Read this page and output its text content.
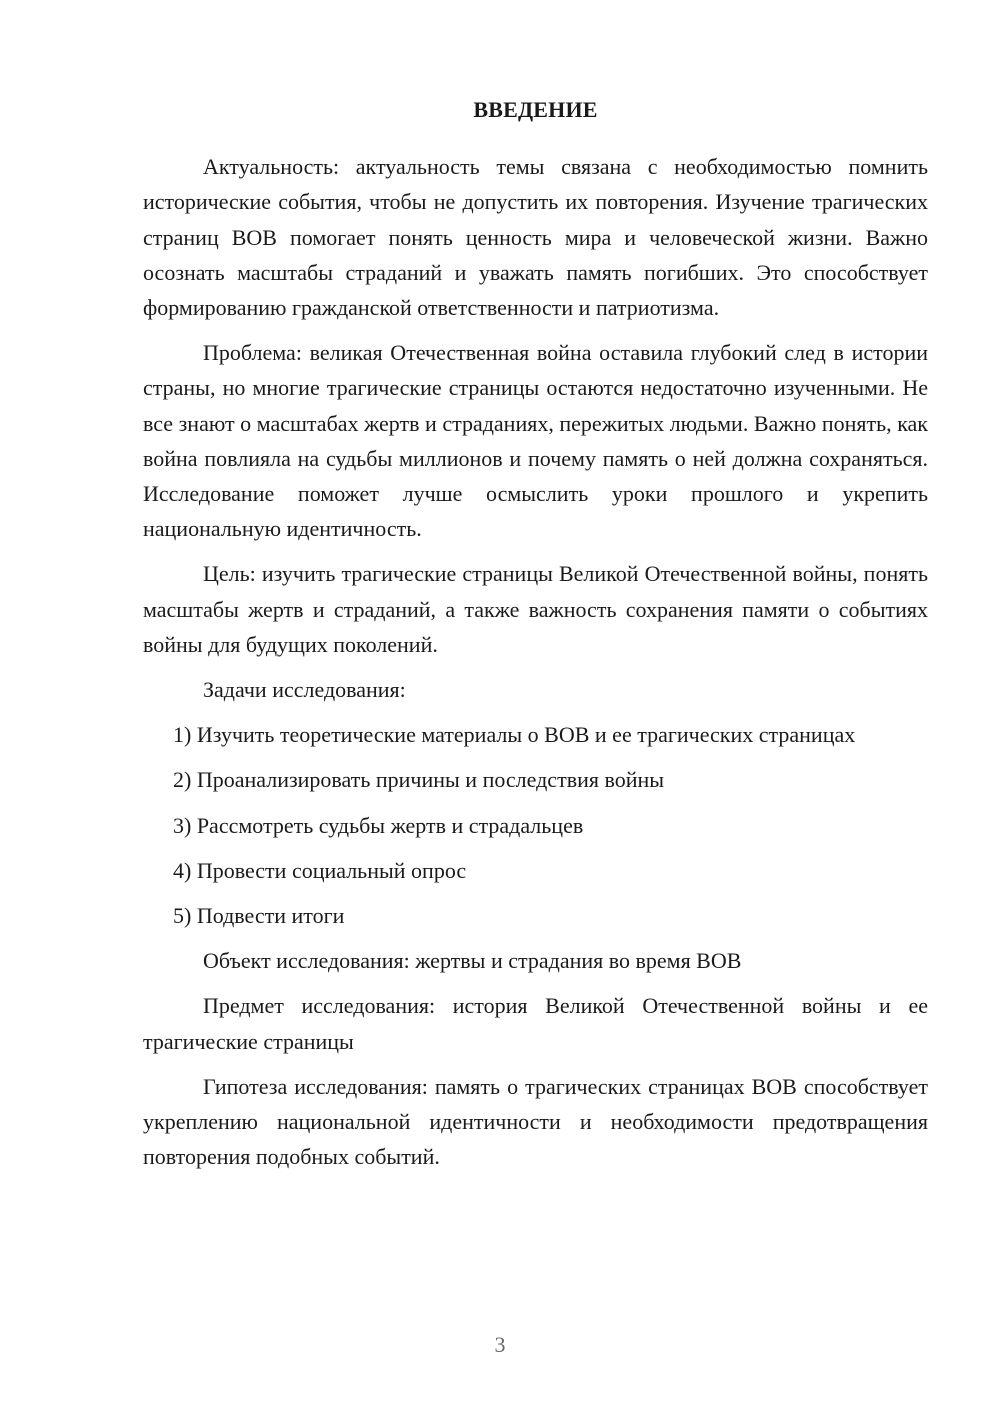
ВВЕДЕНИЕ

Актуальность: актуальность темы связана с необходимостью помнить исторические события, чтобы не допустить их повторения. Изучение трагических страниц ВОВ помогает понять ценность мира и человеческой жизни. Важно осознать масштабы страданий и уважать память погибших. Это способствует формированию гражданской ответственности и патриотизма.

Проблема: великая Отечественная война оставила глубокий след в истории страны, но многие трагические страницы остаются недостаточно изученными. Не все знают о масштабах жертв и страданиях, пережитых людьми. Важно понять, как война повлияла на судьбы миллионов и почему память о ней должна сохраняться. Исследование поможет лучше осмыслить уроки прошлого и укрепить национальную идентичность.

Цель: изучить трагические страницы Великой Отечественной войны, понять масштабы жертв и страданий, а также важность сохранения памяти о событиях войны для будущих поколений.

Задачи исследования:

1) Изучить теоретические материалы о ВОВ и ее трагических страницах

2) Проанализировать причины и последствия войны

3) Рассмотреть судьбы жертв и страдальцев

4) Провести социальный опрос

5) Подвести итоги

Объект исследования: жертвы и страдания во время ВОВ

Предмет исследования: история Великой Отечественной войны и ее трагические страницы

Гипотеза исследования: память о трагических страницах ВОВ способствует укреплению национальной идентичности и необходимости предотвращения повторения подобных событий.

3
